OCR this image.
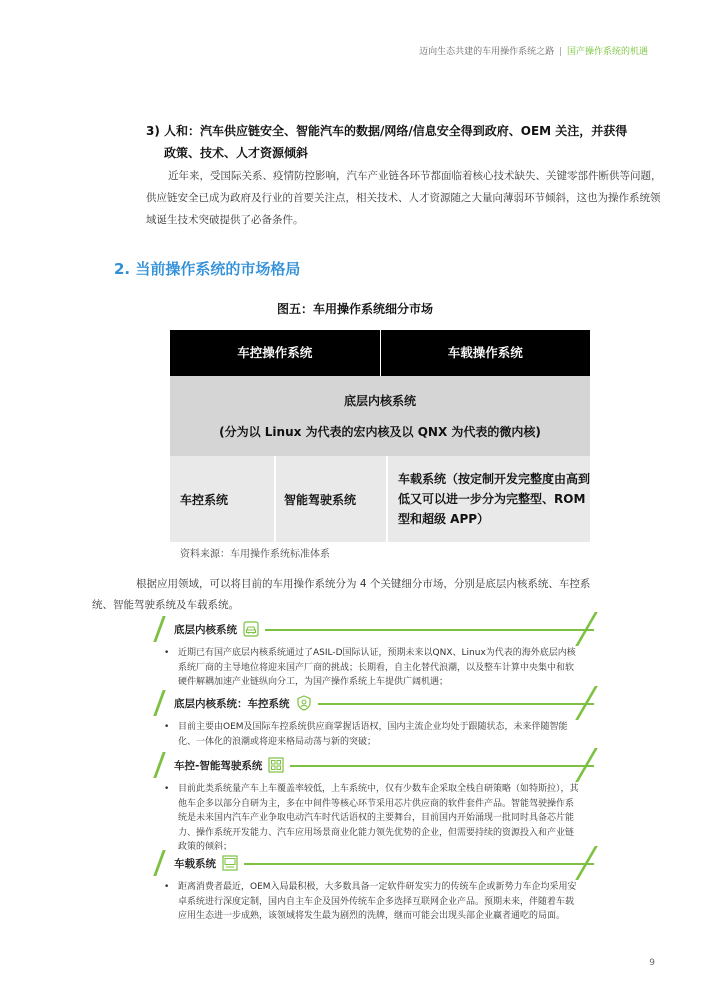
迈向生态共建的车用操作系统之路 | 国产操作系统的机遇
3) 人和：汽车供应链安全、智能汽车的数据/网络/信息安全得到政府、OEM 关注，并获得
政策、技术、人才资源倾斜
近年来，受国际关系、疫情防控影响，汽车产业链各环节都面临着核心技术缺失、关键零部件断供等问题，供应链安全已成为政府及行业的首要关注点，相关技术、人才资源随之大量向薄弱环节倾斜，这也为操作系统领域诞生技术突破提供了必备条件。
2. 当前操作系统的市场格局
图五：车用操作系统细分市场
车控操作系统	车载操作系统
底层内核系统
(分为以 Linux 为代表的宏内核及以 QNX 为代表的微内核)
车控系统	智能驾驶系统
车载系统（按定制开发完整度由高到低又可以进一步分为完整型、ROM 型和超级 APP）
资料来源：车用操作系统标准体系
根据应用领域，可以将目前的车用操作系统分为 4 个关键细分市场，分别是底层内核系统、车控系
统、智能驾驶系统及车载系统。
底层内核系统
• 近期已有国产底层内核系统通过了ASIL-D国际认证，预期未来以QNX、Linux为代表的海外底层内核系统厂商的主导地位将迎来国产厂商的挑战；长期看，自主化替代浪潮，以及整车计算中央集中和软硬件解耦加速产业链纵向分工，为国产操作系统上车提供广阔机遇；
底层内核系统：车控系统
• 目前主要由OEM及国际车控系统供应商掌握话语权，国内主流企业均处于跟随状态，未来伴随智能化、一体化的浪潮或将迎来格局动荡与新的突破；
车控-智能驾驶系统
• 目前此类系统量产车上车覆盖率较低，上车系统中，仅有少数车企采取全栈自研策略（如特斯拉），其他车企多以部分自研为主，多在中间件等核心环节采用芯片供应商的软件套件产品。智能驾驶操作系统是未来国内汽车产业争取电动汽车时代话语权的主要舞台，目前国内开始涌现一批同时具备芯片能力、操作系统开发能力、汽车应用场景商业化能力领先优势的企业，但需要持续的资源投入和产业链政策的倾斜；
车载系统
• 距离消费者最近，OEM入局最积极，大多数具备一定软件研发实力的传统车企或新势力车企均采用安卓系统进行深度定制，国内自主车企及国外传统车企多选择互联网企业产品。预期未来，伴随着车载应用生态进一步成熟，该领域将发生最为剧烈的洗牌，继而可能会出现头部企业赢者通吃的局面。
9
